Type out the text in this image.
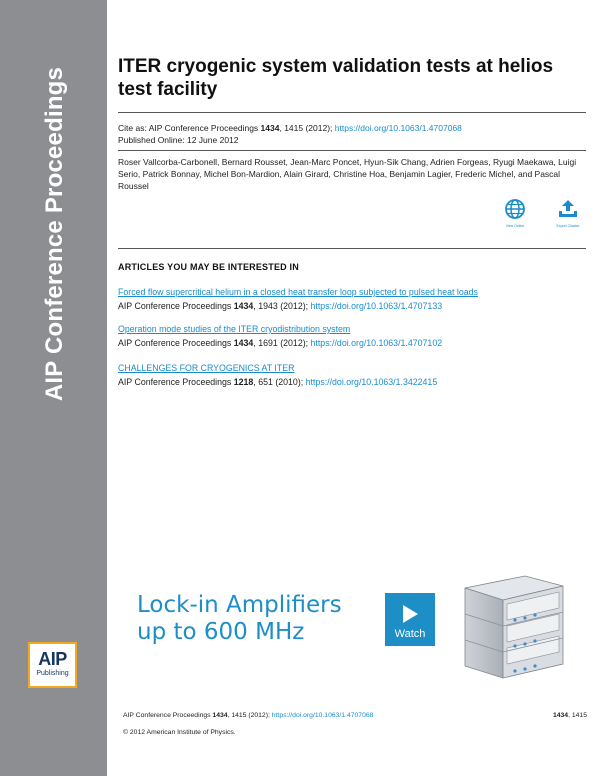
AIP Conference Proceedings
AIP
Publishing
ITER cryogenic system validation tests at helios test facility
Cite as: AIP Conference Proceedings 1434, 1415 (2012); https://doi.org/10.1063/1.4707068
Published Online: 12 June 2012
Roser Vallcorba-Carbonell, Bernard Rousset, Jean-Marc Poncet, Hyun-Sik Chang, Adrien Forgeas, Ryugi Maekawa, Luigi Serio, Patrick Bonnay, Michel Bon-Mardion, Alain Girard, Christine Hoa, Benjamin Lagier, Frederic Michel, and Pascal Roussel
View Online	Export Citation
ARTICLES YOU MAY BE INTERESTED IN
Forced flow supercritical helium in a closed heat transfer loop subjected to pulsed heat loads
AIP Conference Proceedings 1434, 1943 (2012); https://doi.org/10.1063/1.4707133
Operation mode studies of the ITER cryodistribution system
AIP Conference Proceedings 1434, 1691 (2012); https://doi.org/10.1063/1.4707102
CHALLENGES FOR CRYOGENICS AT ITER
AIP Conference Proceedings 1218, 651 (2010); https://doi.org/10.1063/1.3422415
Lock-in Amplifiers
up to 600 MHz	Watch
AIP Conference Proceedings 1434, 1415 (2012); https://doi.org/10.1063/1.4707068	1434, 1415
© 2012 American Institute of Physics.
